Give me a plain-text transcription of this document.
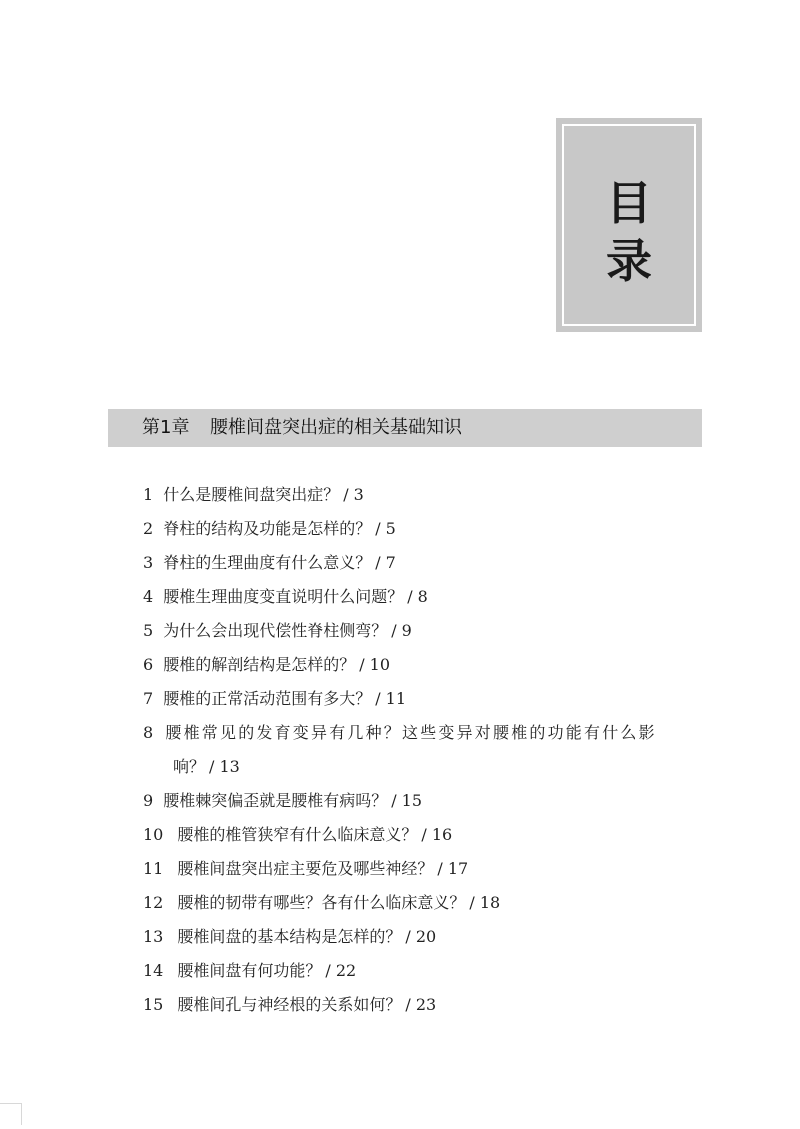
目
录
第1章 腰椎间盘突出症的相关基础知识
1 什么是腰椎间盘突出症？ / 3
2 脊柱的结构及功能是怎样的？ / 5
3 脊柱的生理曲度有什么意义？ / 7
4 腰椎生理曲度变直说明什么问题？ / 8
5 为什么会出现代偿性脊柱侧弯？ / 9
6 腰椎的解剖结构是怎样的？ / 10
7 腰椎的正常活动范围有多大？ / 11
8 腰椎常见的发育变异有几种？这些变异对腰椎的功能有什么影
响？ / 13
9 腰椎棘突偏歪就是腰椎有病吗？ / 15
10 腰椎的椎管狭窄有什么临床意义？ / 16
11 腰椎间盘突出症主要危及哪些神经？ / 17
12 腰椎的韧带有哪些？各有什么临床意义？ / 18
13 腰椎间盘的基本结构是怎样的？ / 20
14 腰椎间盘有何功能？ / 22
15 腰椎间孔与神经根的关系如何？ / 23
